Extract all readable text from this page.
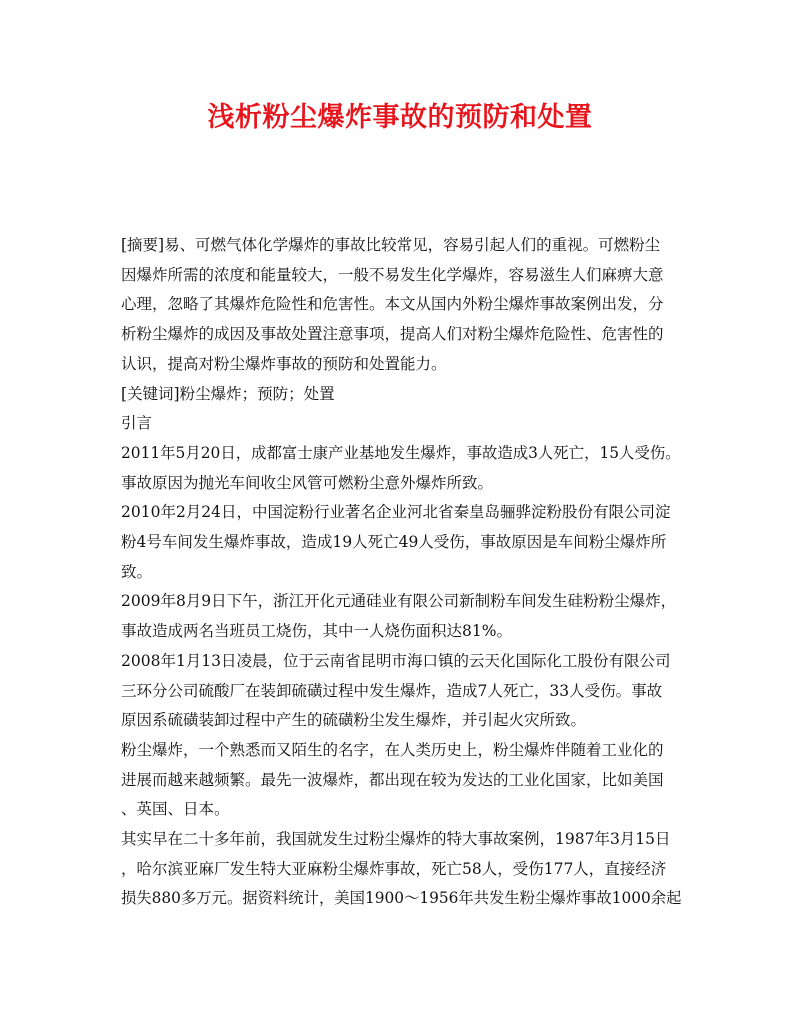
浅析粉尘爆炸事故的预防和处置

[摘要]易、可燃气体化学爆炸的事故比较常见，容易引起人们的重视。可燃粉尘
因爆炸所需的浓度和能量较大，一般不易发生化学爆炸，容易滋生人们麻痹大意
心理，忽略了其爆炸危险性和危害性。本文从国内外粉尘爆炸事故案例出发，分
析粉尘爆炸的成因及事故处置注意事项，提高人们对粉尘爆炸危险性、危害性的
认识，提高对粉尘爆炸事故的预防和处置能力。

[关键词]粉尘爆炸；预防；处置

引言

2011年5月20日，成都富士康产业基地发生爆炸，事故造成3人死亡，15人受伤。
事故原因为抛光车间收尘风管可燃粉尘意外爆炸所致。

2010年2月24日，中国淀粉行业著名企业河北省秦皇岛骊骅淀粉股份有限公司淀
粉4号车间发生爆炸事故，造成19人死亡49人受伤，事故原因是车间粉尘爆炸所
致。

2009年8月9日下午，浙江开化元通硅业有限公司新制粉车间发生硅粉粉尘爆炸，
事故造成两名当班员工烧伤，其中一人烧伤面积达81%。

2008年1月13日凌晨，位于云南省昆明市海口镇的云天化国际化工股份有限公司
三环分公司硫酸厂在装卸硫磺过程中发生爆炸，造成7人死亡，33人受伤。事故
原因系硫磺装卸过程中产生的硫磺粉尘发生爆炸，并引起火灾所致。

粉尘爆炸，一个熟悉而又陌生的名字，在人类历史上，粉尘爆炸伴随着工业化的
进展而越来越频繁。最先一波爆炸，都出现在较为发达的工业化国家，比如美国
、英国、日本。

其实早在二十多年前，我国就发生过粉尘爆炸的特大事故案例，1987年3月15日
，哈尔滨亚麻厂发生特大亚麻粉尘爆炸事故，死亡58人，受伤177人，直接经济
损失880多万元。据资料统计，美国1900～1956年共发生粉尘爆炸事故1000余起
